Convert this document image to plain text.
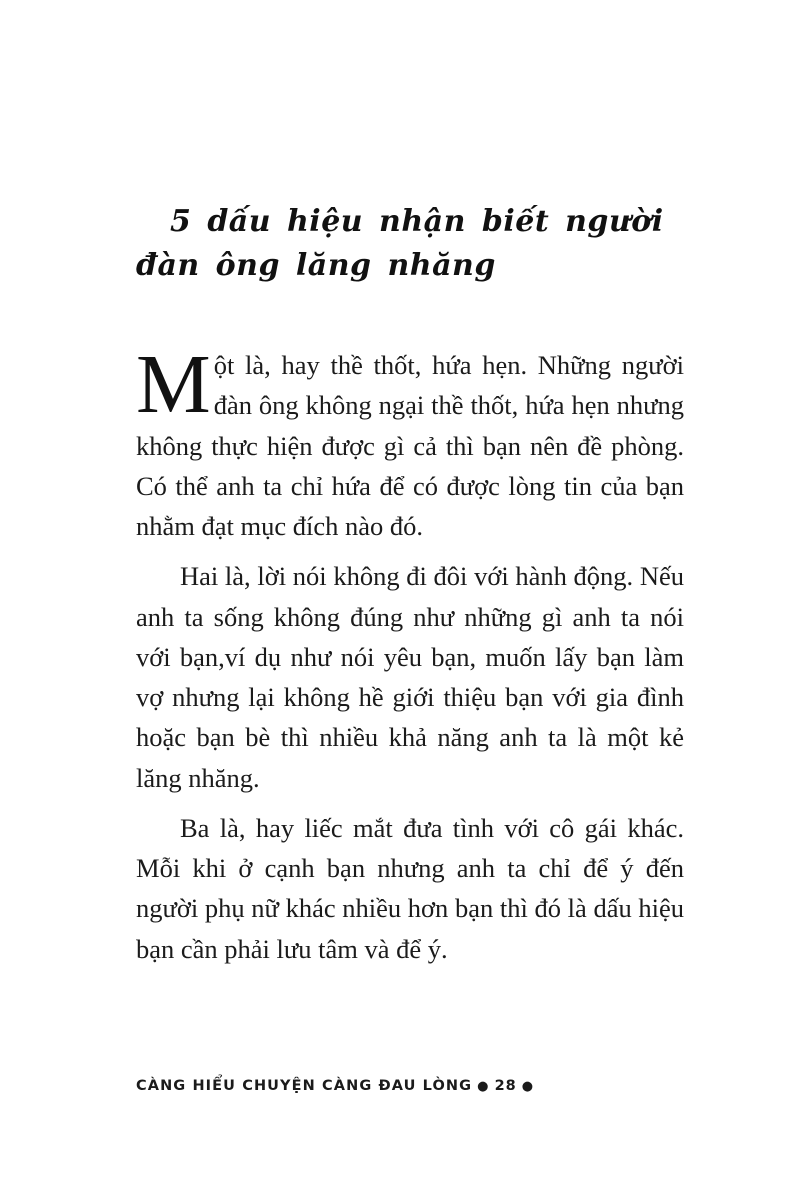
5 dấu hiệu nhận biết người đàn ông lăng nhăng

Một là, hay thề thốt, hứa hẹn. Những người đàn ông không ngại thề thốt, hứa hẹn nhưng không thực hiện được gì cả thì bạn nên đề phòng. Có thể anh ta chỉ hứa để có được lòng tin của bạn nhằm đạt mục đích nào đó.

Hai là, lời nói không đi đôi với hành động. Nếu anh ta sống không đúng như những gì anh ta nói với bạn,ví dụ như nói yêu bạn, muốn lấy bạn làm vợ nhưng lại không hề giới thiệu bạn với gia đình hoặc bạn bè thì nhiều khả năng anh ta là một kẻ lăng nhăng.

Ba là, hay liếc mắt đưa tình với cô gái khác. Mỗi khi ở cạnh bạn nhưng anh ta chỉ để ý đến người phụ nữ khác nhiều hơn bạn thì đó là dấu hiệu bạn cần phải lưu tâm và để ý.

CÀNG HIỂU CHUYỆN CÀNG ĐAU LÒNG ● 28 ●
